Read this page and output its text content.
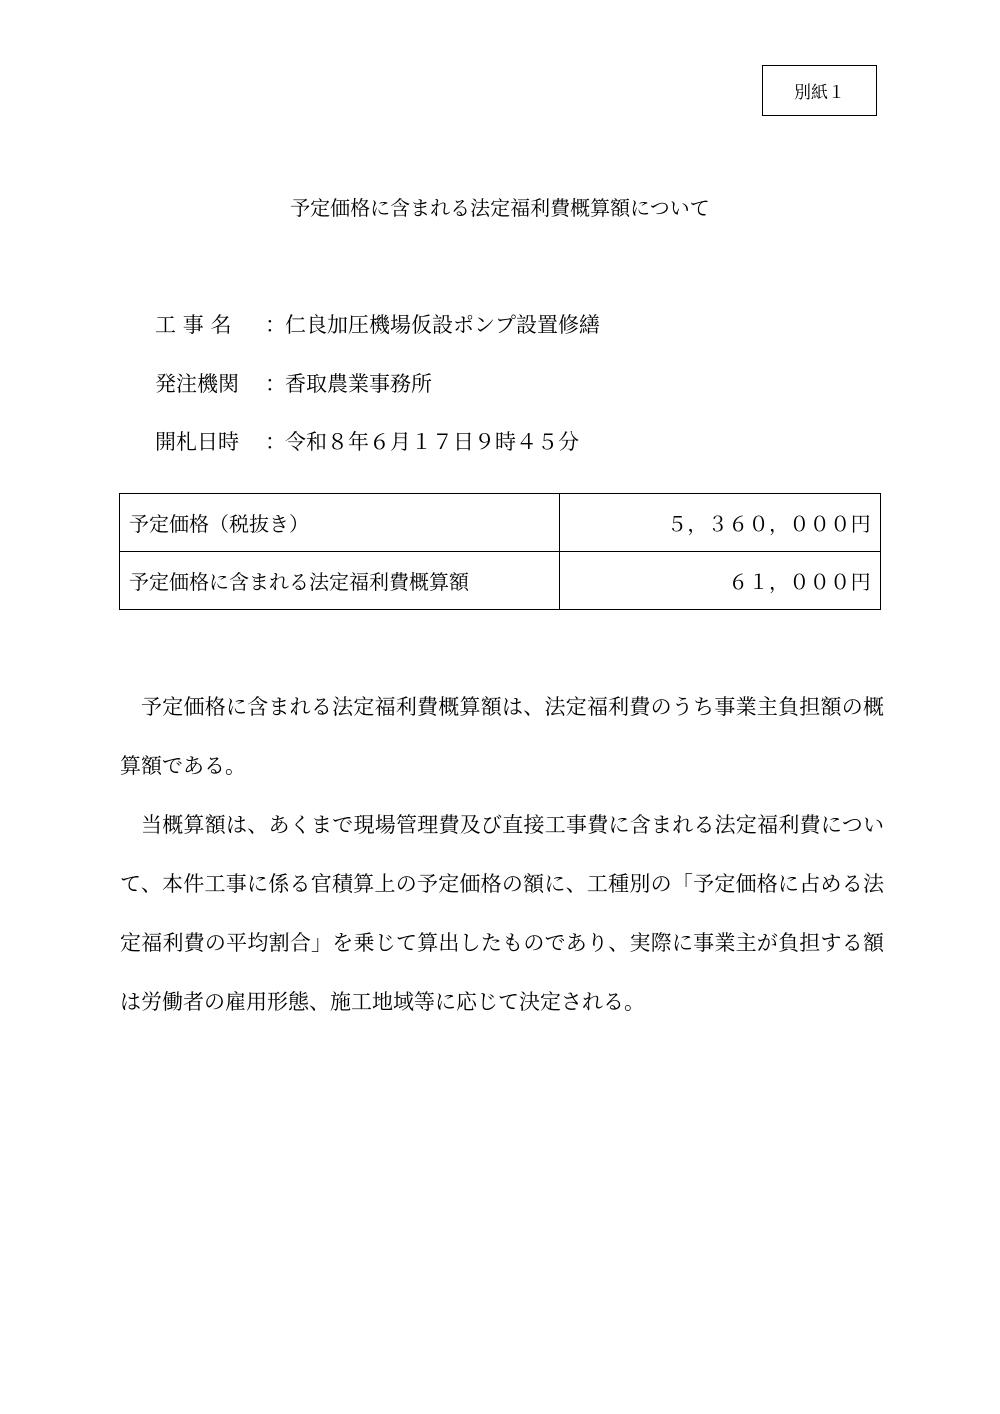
別紙１
予定価格に含まれる法定福利費概算額について
工事名	： 仁良加圧機場仮設ポンプ設置修繕
発注機関	： 香取農業事務所
開札日時	： 令和８年６月１７日９時４５分
予定価格（税抜き）	５，３６０，０００円
予定価格に含まれる法定福利費概算額	６１，０００円

予定価格に含まれる法定福利費概算額は、法定福利費のうち事業主負担額の概算額である。

当概算額は、あくまで現場管理費及び直接工事費に含まれる法定福利費について、本件工事に係る官積算上の予定価格の額に、工種別の「予定価格に占める法定福利費の平均割合」を乗じて算出したものであり、実際に事業主が負担する額は労働者の雇用形態、施工地域等に応じて決定される。
